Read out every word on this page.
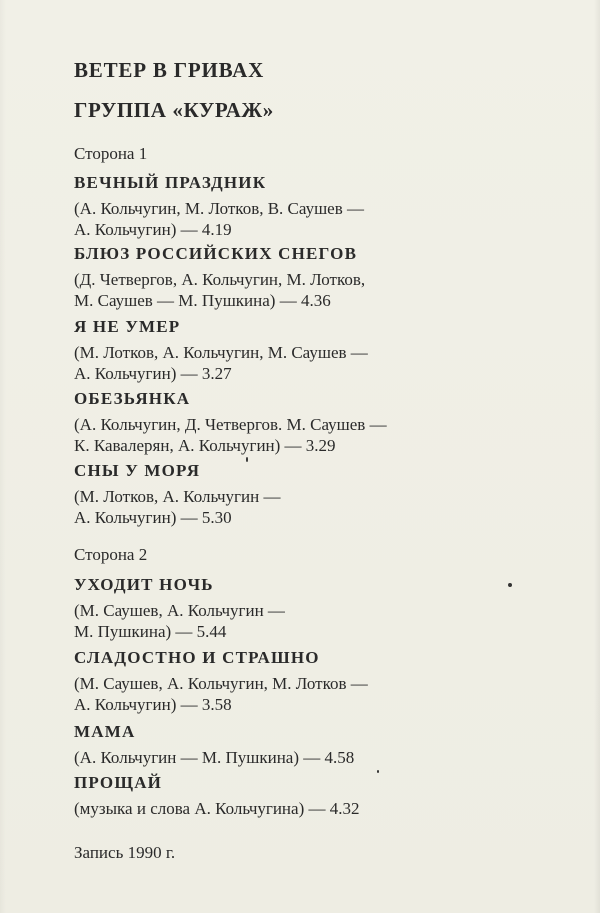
ВЕТЕР В ГРИВАХ
ГРУППА «КУРАЖ»
Сторона 1
ВЕЧНЫЙ ПРАЗДНИК
(А. Кольчугин, М. Лотков, В. Саушев —
А. Кольчугин) — 4.19
БЛЮЗ РОССИЙСКИХ СНЕГОВ
(Д. Четвергов, А. Кольчугин, М. Лотков,
М. Саушев — М. Пушкина) — 4.36
Я НЕ УМЕР
(М. Лотков, А. Кольчугин, М. Саушев —
А. Кольчугин) — 3.27
ОБЕЗЬЯНКА
(А. Кольчугин, Д. Четвергов. М. Саушев —
К. Кавалерян, А. Кольчугин) — 3.29
СНЫ У МОРЯ
(М. Лотков, А. Кольчугин —
А. Кольчугин) — 5.30
Сторона 2
УХОДИТ НОЧЬ
(М. Саушев, А. Кольчугин —
М. Пушкина) — 5.44
СЛАДОСТНО И СТРАШНО
(М. Саушев, А. Кольчугин, М. Лотков —
А. Кольчугин) — 3.58
МАМА
(А. Кольчугин — М. Пушкина) — 4.58
ПРОЩАЙ
(музыка и слова А. Кольчугина) — 4.32
Запись 1990 г.
